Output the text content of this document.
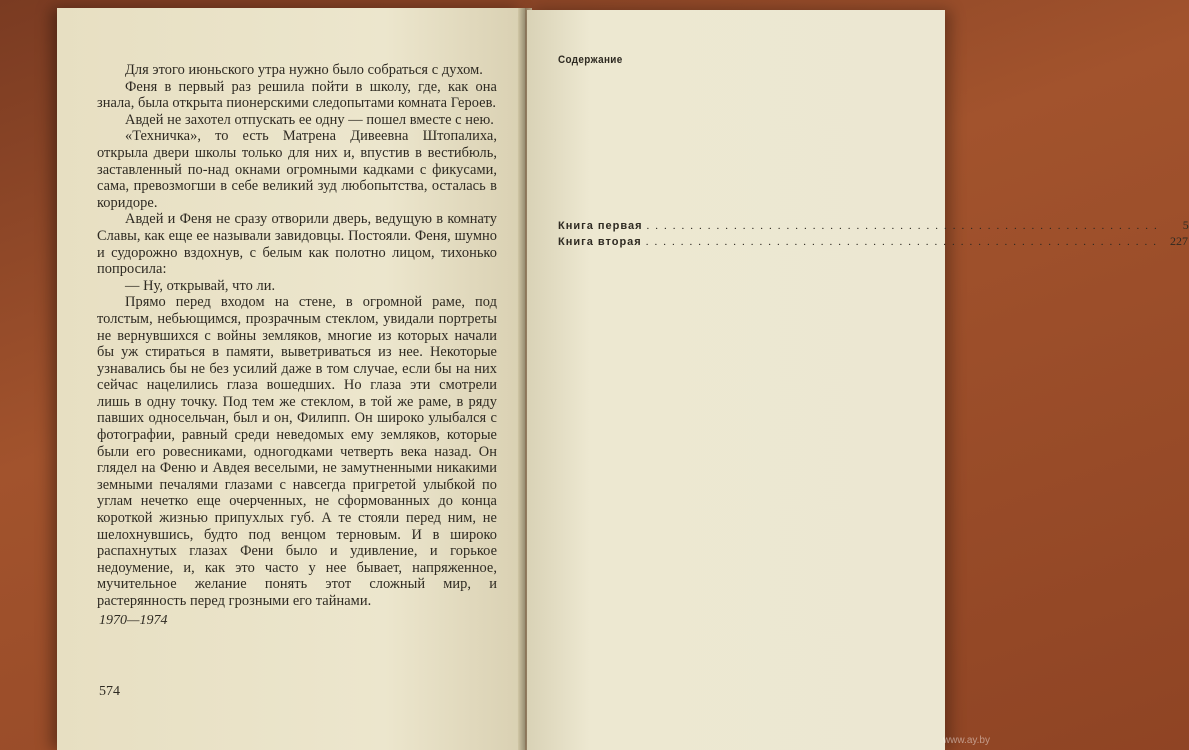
Для этого июньского утра нужно было собраться с духом.

Феня в первый раз решила пойти в школу, где, как она знала, была открыта пионерскими следопытами комната Героев.

Авдей не захотел отпускать ее одну — пошел вместе с нею.

«Техничка», то есть Матрена Дивеевна Штопалиха, открыла двери школы только для них и, впустив в вестибюль, заставленный по-над окнами огромными кадками с фикусами, сама, превозмогши в себе великий зуд любопытства, осталась в коридоре.

Авдей и Феня не сразу отворили дверь, ведущую в комнату Славы, как еще ее называли завидовцы. Постояли. Феня, шумно и судорожно вздохнув, с белым как полотно лицом, тихонько попросила:

— Ну, открывай, что ли.

Прямо перед входом на стене, в огромной раме, под толстым, небьющимся, прозрачным стеклом, увидали портреты не вернувшихся с войны земляков, многие из которых начали бы уж стираться в памяти, выветриваться из нее. Некоторые узнавались бы не без усилий даже в том случае, если бы на них сейчас нацелились глаза вошедших. Но глаза эти смотрели лишь в одну точку. Под тем же стеклом, в той же раме, в ряду павших односельчан, был и он, Филипп. Он широко улыбался с фотографии, равный среди неведомых ему земляков, которые были его ровесниками, одногодками четверть века назад. Он глядел на Феню и Авдея веселыми, не замутненными никакими земными печалями глазами с навсегда пригретой улыбкой по углам нечетко еще очерченных, не сформованных до конца короткой жизнью припухлых губ. А те стояли перед ним, не шелохнувшись, будто под венцом терновым. И в широко распахнутых глазах Фени было и удивление, и горькое недоумение, и, как это часто у нее бывает, напряженное, мучительное желание понять этот сложный мир, и растерянность перед грозными его тайнами.

1970—1974
574
Содержание
Книга первая ...........................................................	5
Книга вторая ........................................................... 227
www.ay.by
